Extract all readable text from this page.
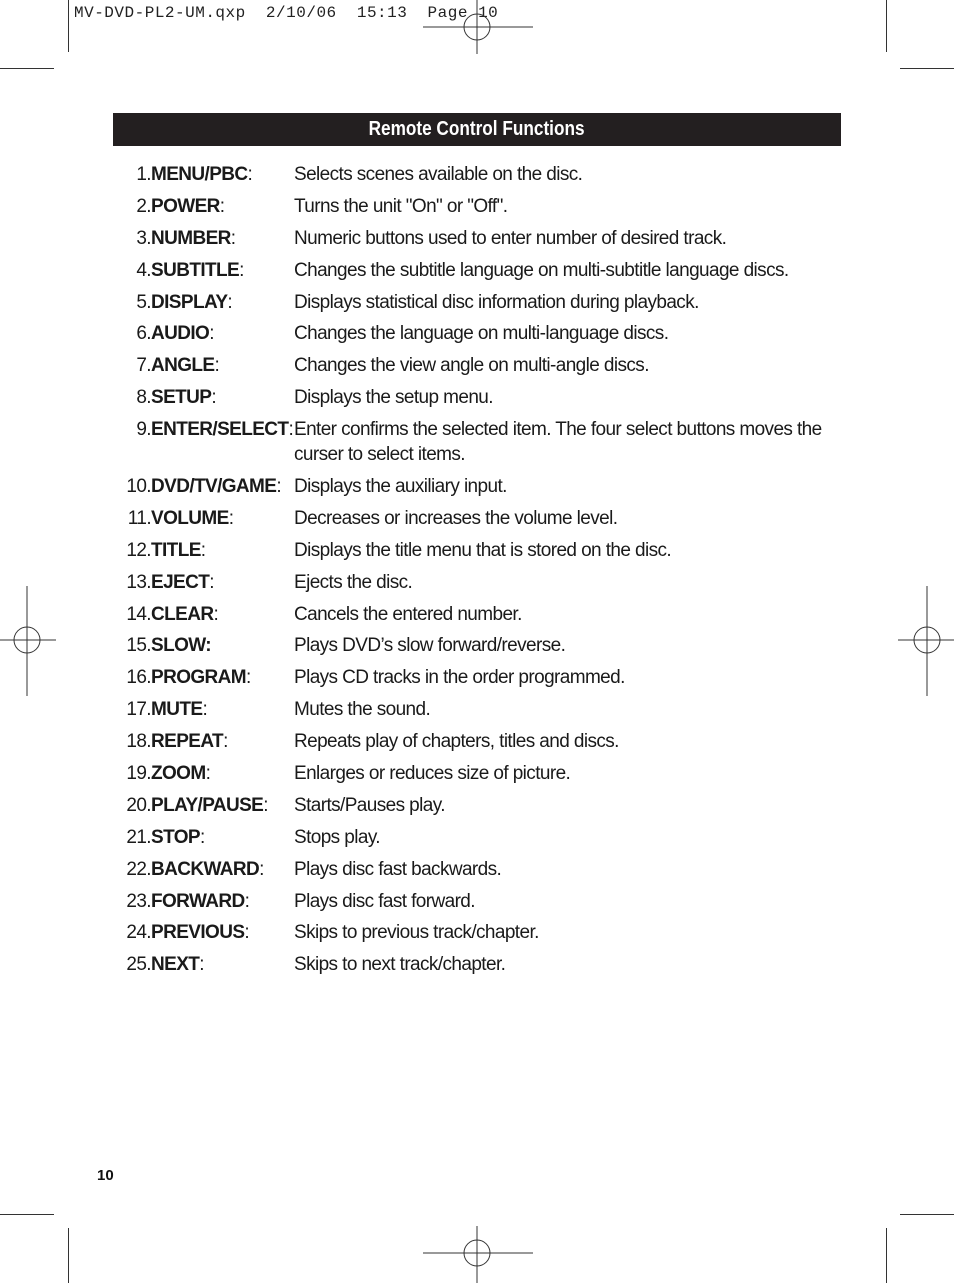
MV-DVD-PL2-UM.qxp  2/10/06  15:13  Page 10
Remote Control Functions
1. MENU/PBC:	Selects scenes available on the disc.
2. POWER:	Turns the unit "On" or "Off".
3. NUMBER:	Numeric buttons used to enter number of desired track.
4. SUBTITLE:	Changes the subtitle language on multi-subtitle language discs.
5. DISPLAY:	Displays statistical disc information during playback.
6. AUDIO:	Changes the language on multi-language discs.
7. ANGLE:	Changes the view angle on multi-angle discs.
8. SETUP:	Displays the setup menu.
9. ENTER/SELECT: Enter confirms the selected item. The four select buttons moves the curser to select items.
10. DVD/TV/GAME: Displays the auxiliary input.
11. VOLUME:	Decreases or increases the volume level.
12. TITLE:	Displays the title menu that is stored on the disc.
13. EJECT:	Ejects the disc.
14. CLEAR:	Cancels the entered number.
15. SLOW:	Plays DVD’s slow forward/reverse.
16. PROGRAM:	Plays CD tracks in the order programmed.
17. MUTE:	Mutes the sound.
18. REPEAT:	Repeats play of chapters, titles and discs.
19. ZOOM:	Enlarges or reduces size of picture.
20. PLAY/PAUSE:	Starts/Pauses play.
21. STOP:	Stops play.
22. BACKWARD:	Plays disc fast backwards.
23. FORWARD:	Plays disc fast forward.
24. PREVIOUS:	Skips to previous track/chapter.
25. NEXT:	Skips to next track/chapter.
10
